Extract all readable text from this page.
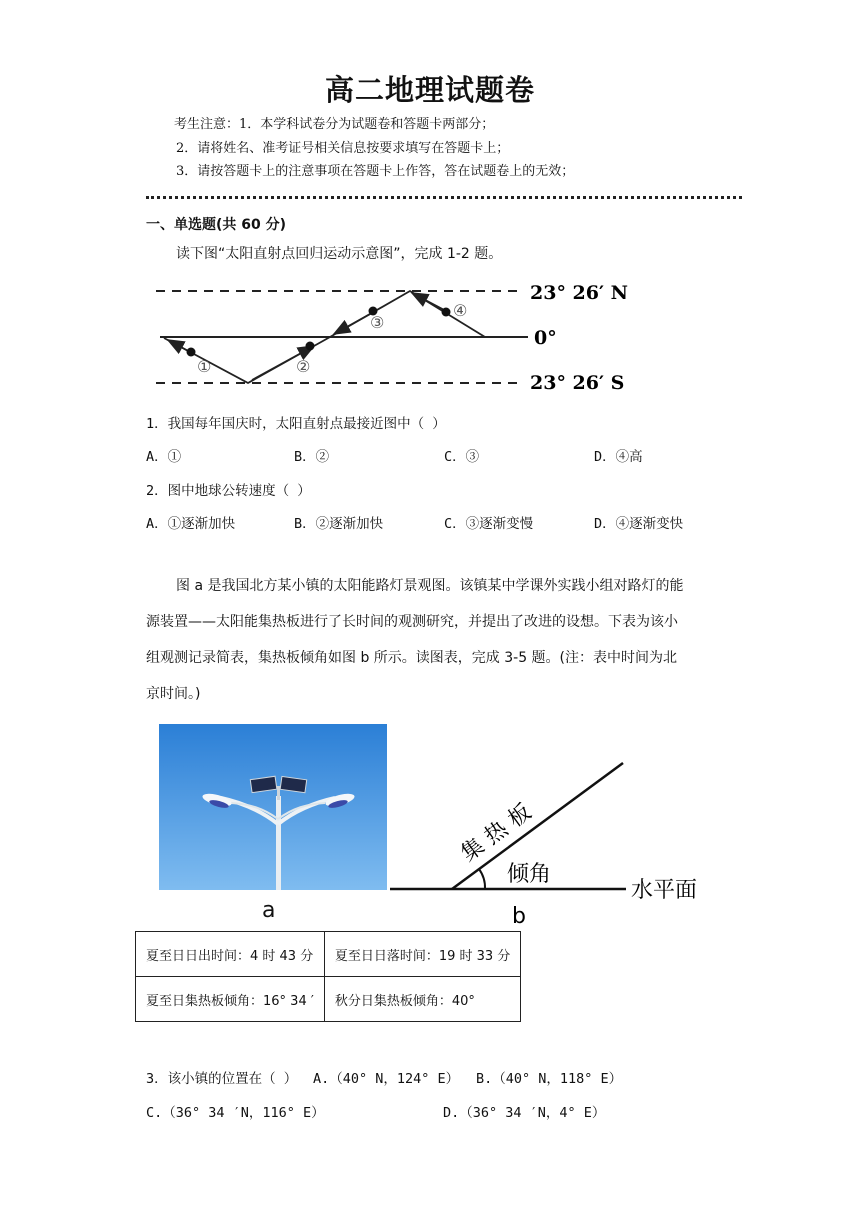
高二地理试题卷
考生注意：1．本学科试卷分为试题卷和答题卡两部分；
2．请将姓名、准考证号相关信息按要求填写在答题卡上；
3．请按答题卡上的注意事项在答题卡上作答，答在试题卷上的无效；
一、单选题(共 60 分)
读下图“太阳直射点回归运动示意图”，完成 1-2 题。
①	②
③
④
23° 26′ N
0°
23° 26′ S
1．我国每年国庆时，太阳直射点最接近图中（ ）
A．①	B．②	C．③	D．④高
2．图中地球公转速度（ ）
A．①逐渐加快	B．②逐渐加快	C．③逐渐变慢	D．④逐渐变快
图 a 是我国北方某小镇的太阳能路灯景观图。该镇某中学课外实践小组对路灯的能
源装置——太阳能集热板进行了长时间的观测研究，并提出了改进的设想。下表为该小
组观测记录简表，集热板倾角如图 b 所示。读图表，完成 3-5 题。(注：表中时间为北
京时间。)
a
集 热 板
倾角
水平面
b
夏至日日出时间：4 时 43 分	夏至日日落时间：19 时 33 分
夏至日集热板倾角：16° 34 ′	秋分日集热板倾角：40°
3．该小镇的位置在（ ） A.（40° N，124° E） B.（40° N，118° E）
C.（36° 34 ′N，116° E）	D.（36° 34 ′N，4° E）
